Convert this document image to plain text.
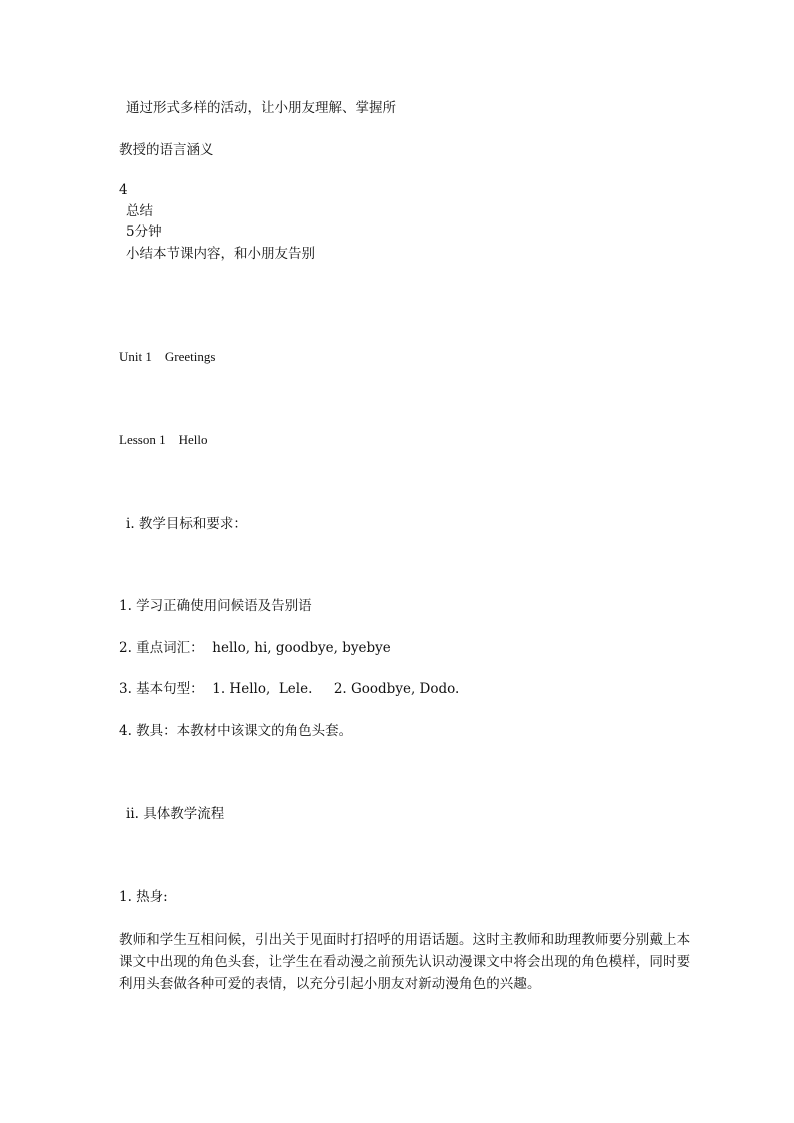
通过形式多样的活动，让小朋友理解、掌握所
教授的语言涵义
4
总结
5分钟
小结本节课内容，和小朋友告别
Unit 1    Greetings
Lesson 1    Hello
ⅰ. 教学目标和要求：
1. 学习正确使用问候语及告别语
2. 重点词汇：  hello, hi, goodbye, byebye
3. 基本句型：  1. Hello,  Lele.     2. Goodbye, Dodo.
4. 教具：本教材中该课文的角色头套。
ⅱ. 具体教学流程
1. 热身:
教师和学生互相问候，引出关于见面时打招呼的用语话题。这时主教师和助理教师要分别戴上本课文中出现的角色头套，让学生在看动漫之前预先认识动漫课文中将会出现的角色模样，同时要利用头套做各种可爱的表情，以充分引起小朋友对新动漫角色的兴趣。
